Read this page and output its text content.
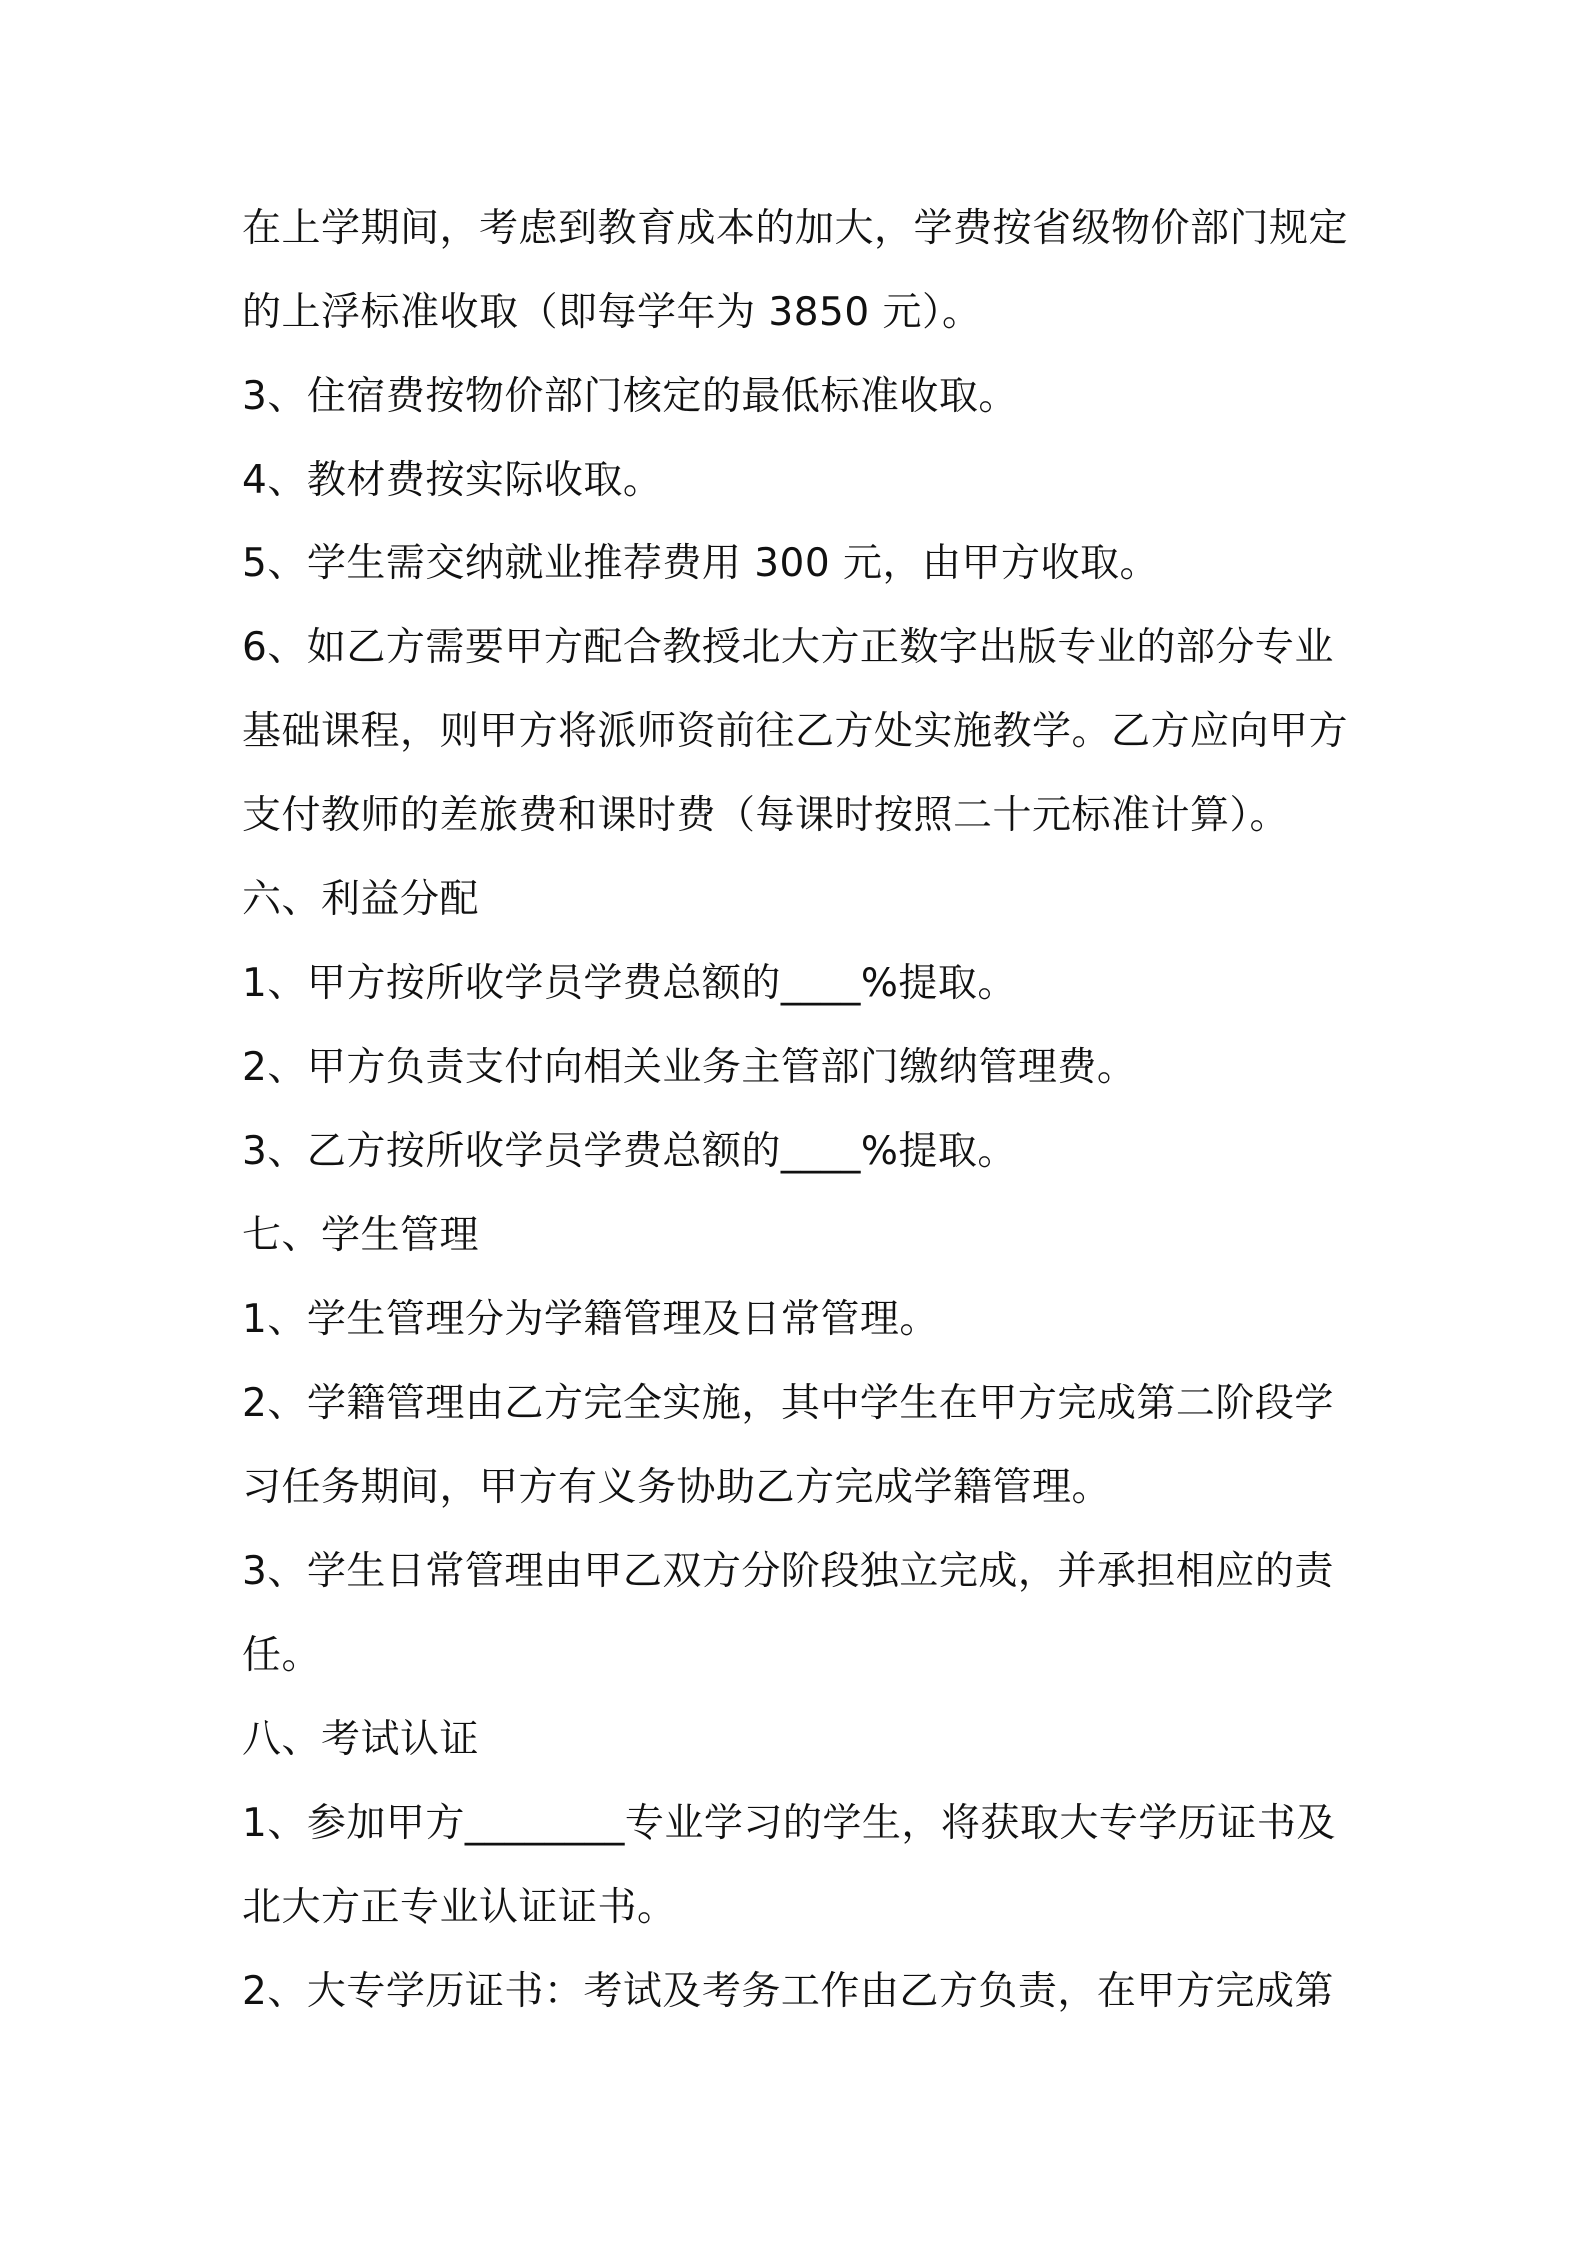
在上学期间，考虑到教育成本的加大，学费按省级物价部门规定
的上浮标准收取（即每学年为 3850 元）。
3、住宿费按物价部门核定的最低标准收取。
4、教材费按实际收取。
5、学生需交纳就业推荐费用 300 元，由甲方收取。
6、如乙方需要甲方配合教授北大方正数字出版专业的部分专业
基础课程，则甲方将派师资前往乙方处实施教学。乙方应向甲方
支付教师的差旅费和课时费（每课时按照二十元标准计算）。
六、利益分配
1、甲方按所收学员学费总额的____%提取。
2、甲方负责支付向相关业务主管部门缴纳管理费。
3、乙方按所收学员学费总额的____%提取。
七、学生管理
1、学生管理分为学籍管理及日常管理。
2、学籍管理由乙方完全实施，其中学生在甲方完成第二阶段学
习任务期间，甲方有义务协助乙方完成学籍管理。
3、学生日常管理由甲乙双方分阶段独立完成，并承担相应的责
任。
八、考试认证
1、参加甲方________专业学习的学生，将获取大专学历证书及
北大方正专业认证证书。
2、大专学历证书：考试及考务工作由乙方负责，在甲方完成第
